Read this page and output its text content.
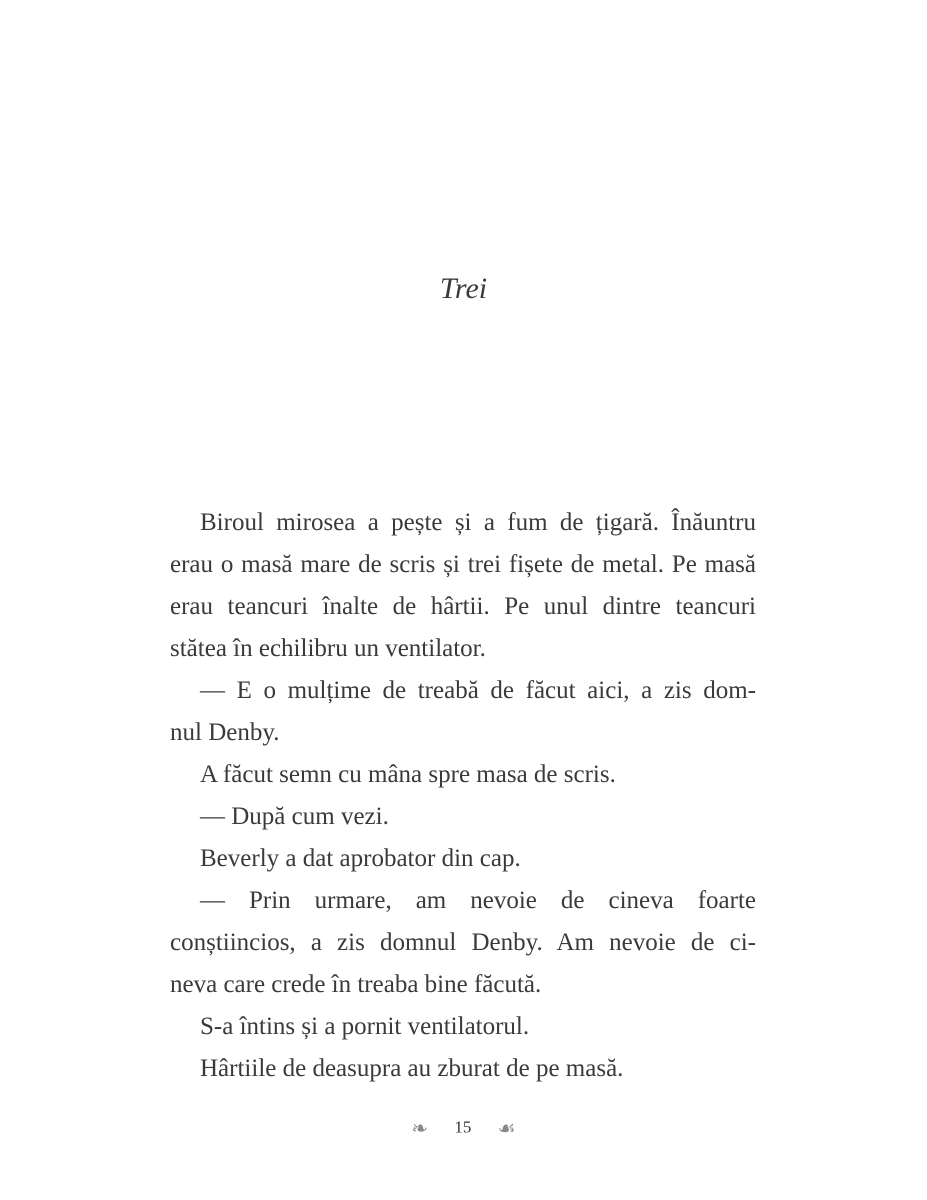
Trei
Biroul mirosea a pește și a fum de țigară. Înăuntru
erau o masă mare de scris și trei fișete de metal. Pe masă
erau teancuri înalte de hârtii. Pe unul dintre teancuri
stătea în echilibru un ventilator.
— E o mulțime de treabă de făcut aici, a zis dom-
nul Denby.
A făcut semn cu mâna spre masa de scris.
— După cum vezi.
Beverly a dat aprobator din cap.
— Prin urmare, am nevoie de cineva foarte
conștiincios, a zis domnul Denby. Am nevoie de ci-
neva care crede în treaba bine făcută.
S-a întins și a pornit ventilatorul.
Hârtiile de deasupra au zburat de pe masă.
❧ 15 ☙
